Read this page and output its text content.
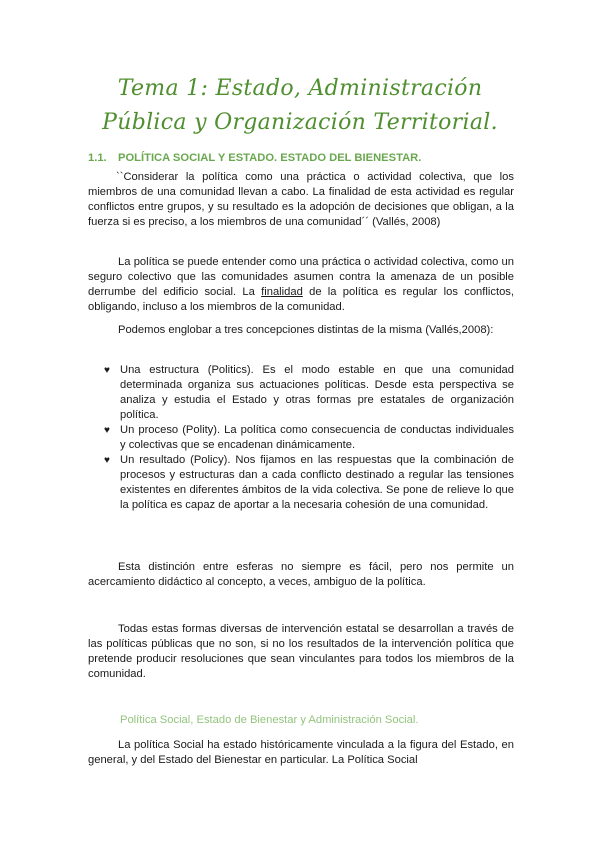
Tema 1: Estado, Administración
Pública y Organización Territorial.
1.1. POLÍTICA SOCIAL Y ESTADO. ESTADO DEL BIENESTAR.

``Considerar la política como una práctica o actividad colectiva, que los miembros de una comunidad llevan a cabo. La finalidad de esta actividad es regular conflictos entre grupos, y su resultado es la adopción de decisiones que obligan, a la fuerza si es preciso, a los miembros de una comunidad´´ (Vallés, 2008)

La política se puede entender como una práctica o actividad colectiva, como un seguro colectivo que las comunidades asumen contra la amenaza de un posible derrumbe del edificio social. La finalidad de la política es regular los conflictos, obligando, incluso a los miembros de la comunidad.

Podemos englobar a tres concepciones distintas de la misma (Vallés,2008):

♥ Una estructura (Politics). Es el modo estable en que una comunidad determinada organiza sus actuaciones políticas. Desde esta perspectiva se analiza y estudia el Estado y otras formas pre estatales de organización política.
♥ Un proceso (Polity). La política como consecuencia de conductas individuales y colectivas que se encadenan dinámicamente.
♥ Un resultado (Policy). Nos fijamos en las respuestas que la combinación de procesos y estructuras dan a cada conflicto destinado a regular las tensiones existentes en diferentes ámbitos de la vida colectiva. Se pone de relieve lo que la política es capaz de aportar a la necesaria cohesión de una comunidad.

Esta distinción entre esferas no siempre es fácil, pero nos permite un acercamiento didáctico al concepto, a veces, ambiguo de la política.

Todas estas formas diversas de intervención estatal se desarrollan a través de las políticas públicas que no son, si no los resultados de la intervención política que pretende producir resoluciones que sean vinculantes para todos los miembros de la comunidad.

Política Social, Estado de Bienestar y Administración Social.

La política Social ha estado históricamente vinculada a la figura del Estado, en general, y del Estado del Bienestar en particular. La Política Social
